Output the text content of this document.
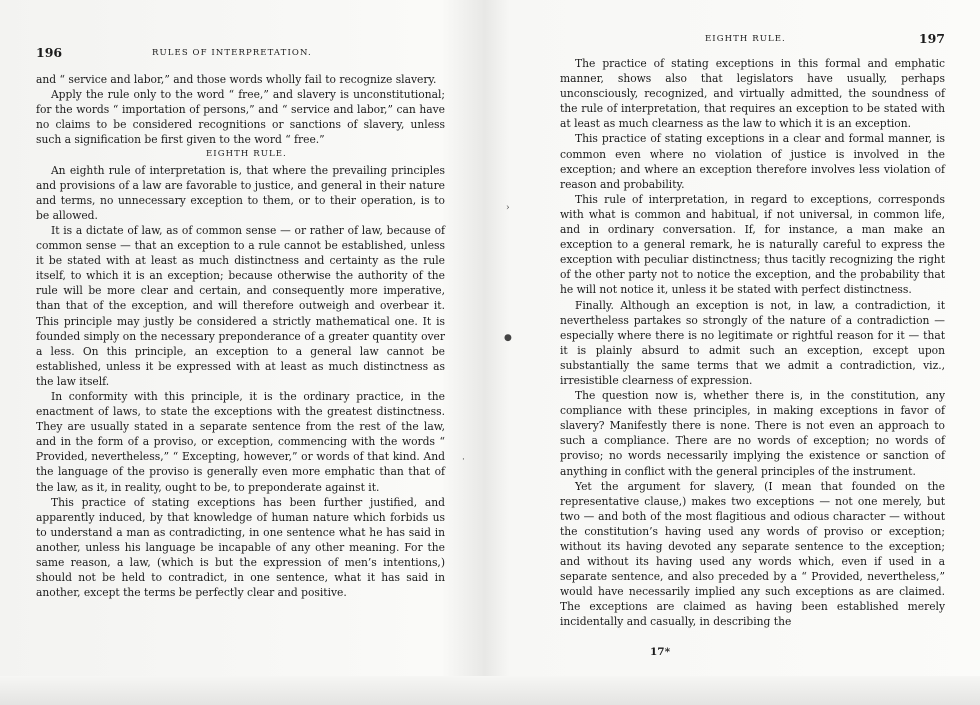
196	RULES OF INTERPRETATION.

and “ service and labor,” and those words wholly fail to recognize slavery.

Apply the rule only to the word “ free,” and slavery is unconstitutional; for the words “ importation of persons,” and “ service and labor,” can have no claims to be considered recognitions or sanctions of slavery, unless such a signification be first given to the word “ free.”

EIGHTH RULE.

An eighth rule of interpretation is, that where the prevailing principles and provisions of a law are favorable to justice, and general in their nature and terms, no unnecessary exception to them, or to their operation, is to be allowed.

It is a dictate of law, as of common sense — or rather of law, because of common sense — that an exception to a rule cannot be established, unless it be stated with at least as much distinctness and certainty as the rule itself, to which it is an exception; because otherwise the authority of the rule will be more clear and certain, and consequently more imperative, than that of the exception, and will therefore outweigh and overbear it. This principle may justly be considered a strictly mathematical one. It is founded simply on the necessary preponderance of a greater quantity over a less. On this principle, an exception to a general law cannot be established, unless it be expressed with at least as much distinctness as the law itself.

In conformity with this principle, it is the ordinary practice, in the enactment of laws, to state the exceptions with the greatest distinctness. They are usually stated in a separate sentence from the rest of the law, and in the form of a proviso, or exception, commencing with the words “ Provided, nevertheless,” “ Excepting, however,” or words of that kind. And the language of the proviso is generally even more emphatic than that of the law, as it, in reality, ought to be, to preponderate against it.

This practice of stating exceptions has been further justified, and apparently induced, by that knowledge of human nature which forbids us to understand a man as contradicting, in one sentence what he has said in another, unless his language be incapable of any other meaning. For the same reason, a law, (which is but the expression of men’s intentions,) should not be held to contradict, in one sentence, what it has said in another, except the terms be perfectly clear and positive.

›
●
·
EIGHTH RULE.	197

The practice of stating exceptions in this formal and emphatic manner, shows also that legislators have usually, perhaps unconsciously, recognized, and virtually admitted, the soundness of the rule of interpretation, that requires an exception to be stated with at least as much clearness as the law to which it is an exception.

This practice of stating exceptions in a clear and formal manner, is common even where no violation of justice is involved in the exception; and where an exception therefore involves less violation of reason and probability.

This rule of interpretation, in regard to exceptions, corresponds with what is common and habitual, if not universal, in common life, and in ordinary conversation. If, for instance, a man make an exception to a general remark, he is naturally careful to express the exception with peculiar distinctness; thus tacitly recognizing the right of the other party not to notice the exception, and the probability that he will not notice it, unless it be stated with perfect distinctness.

Finally. Although an exception is not, in law, a contradiction, it nevertheless partakes so strongly of the nature of a contradiction — especially where there is no legitimate or rightful reason for it — that it is plainly absurd to admit such an exception, except upon substantially the same terms that we admit a contradiction, viz., irresistible clearness of expression.

The question now is, whether there is, in the constitution, any compliance with these principles, in making exceptions in favor of slavery? Manifestly there is none. There is not even an approach to such a compliance. There are no words of exception; no words of proviso; no words necessarily implying the existence or sanction of anything in conflict with the general principles of the instrument.

Yet the argument for slavery, (I mean that founded on the representative clause,) makes two exceptions — not one merely, but two — and both of the most flagitious and odious character — without the constitution’s having used any words of proviso or exception; without its having devoted any separate sentence to the exception; and without its having used any words which, even if used in a separate sentence, and also preceded by a “ Provided, nevertheless,” would have necessarily implied any such exceptions as are claimed. The exceptions are claimed as having been established merely incidentally and casually, in describing the

17*
